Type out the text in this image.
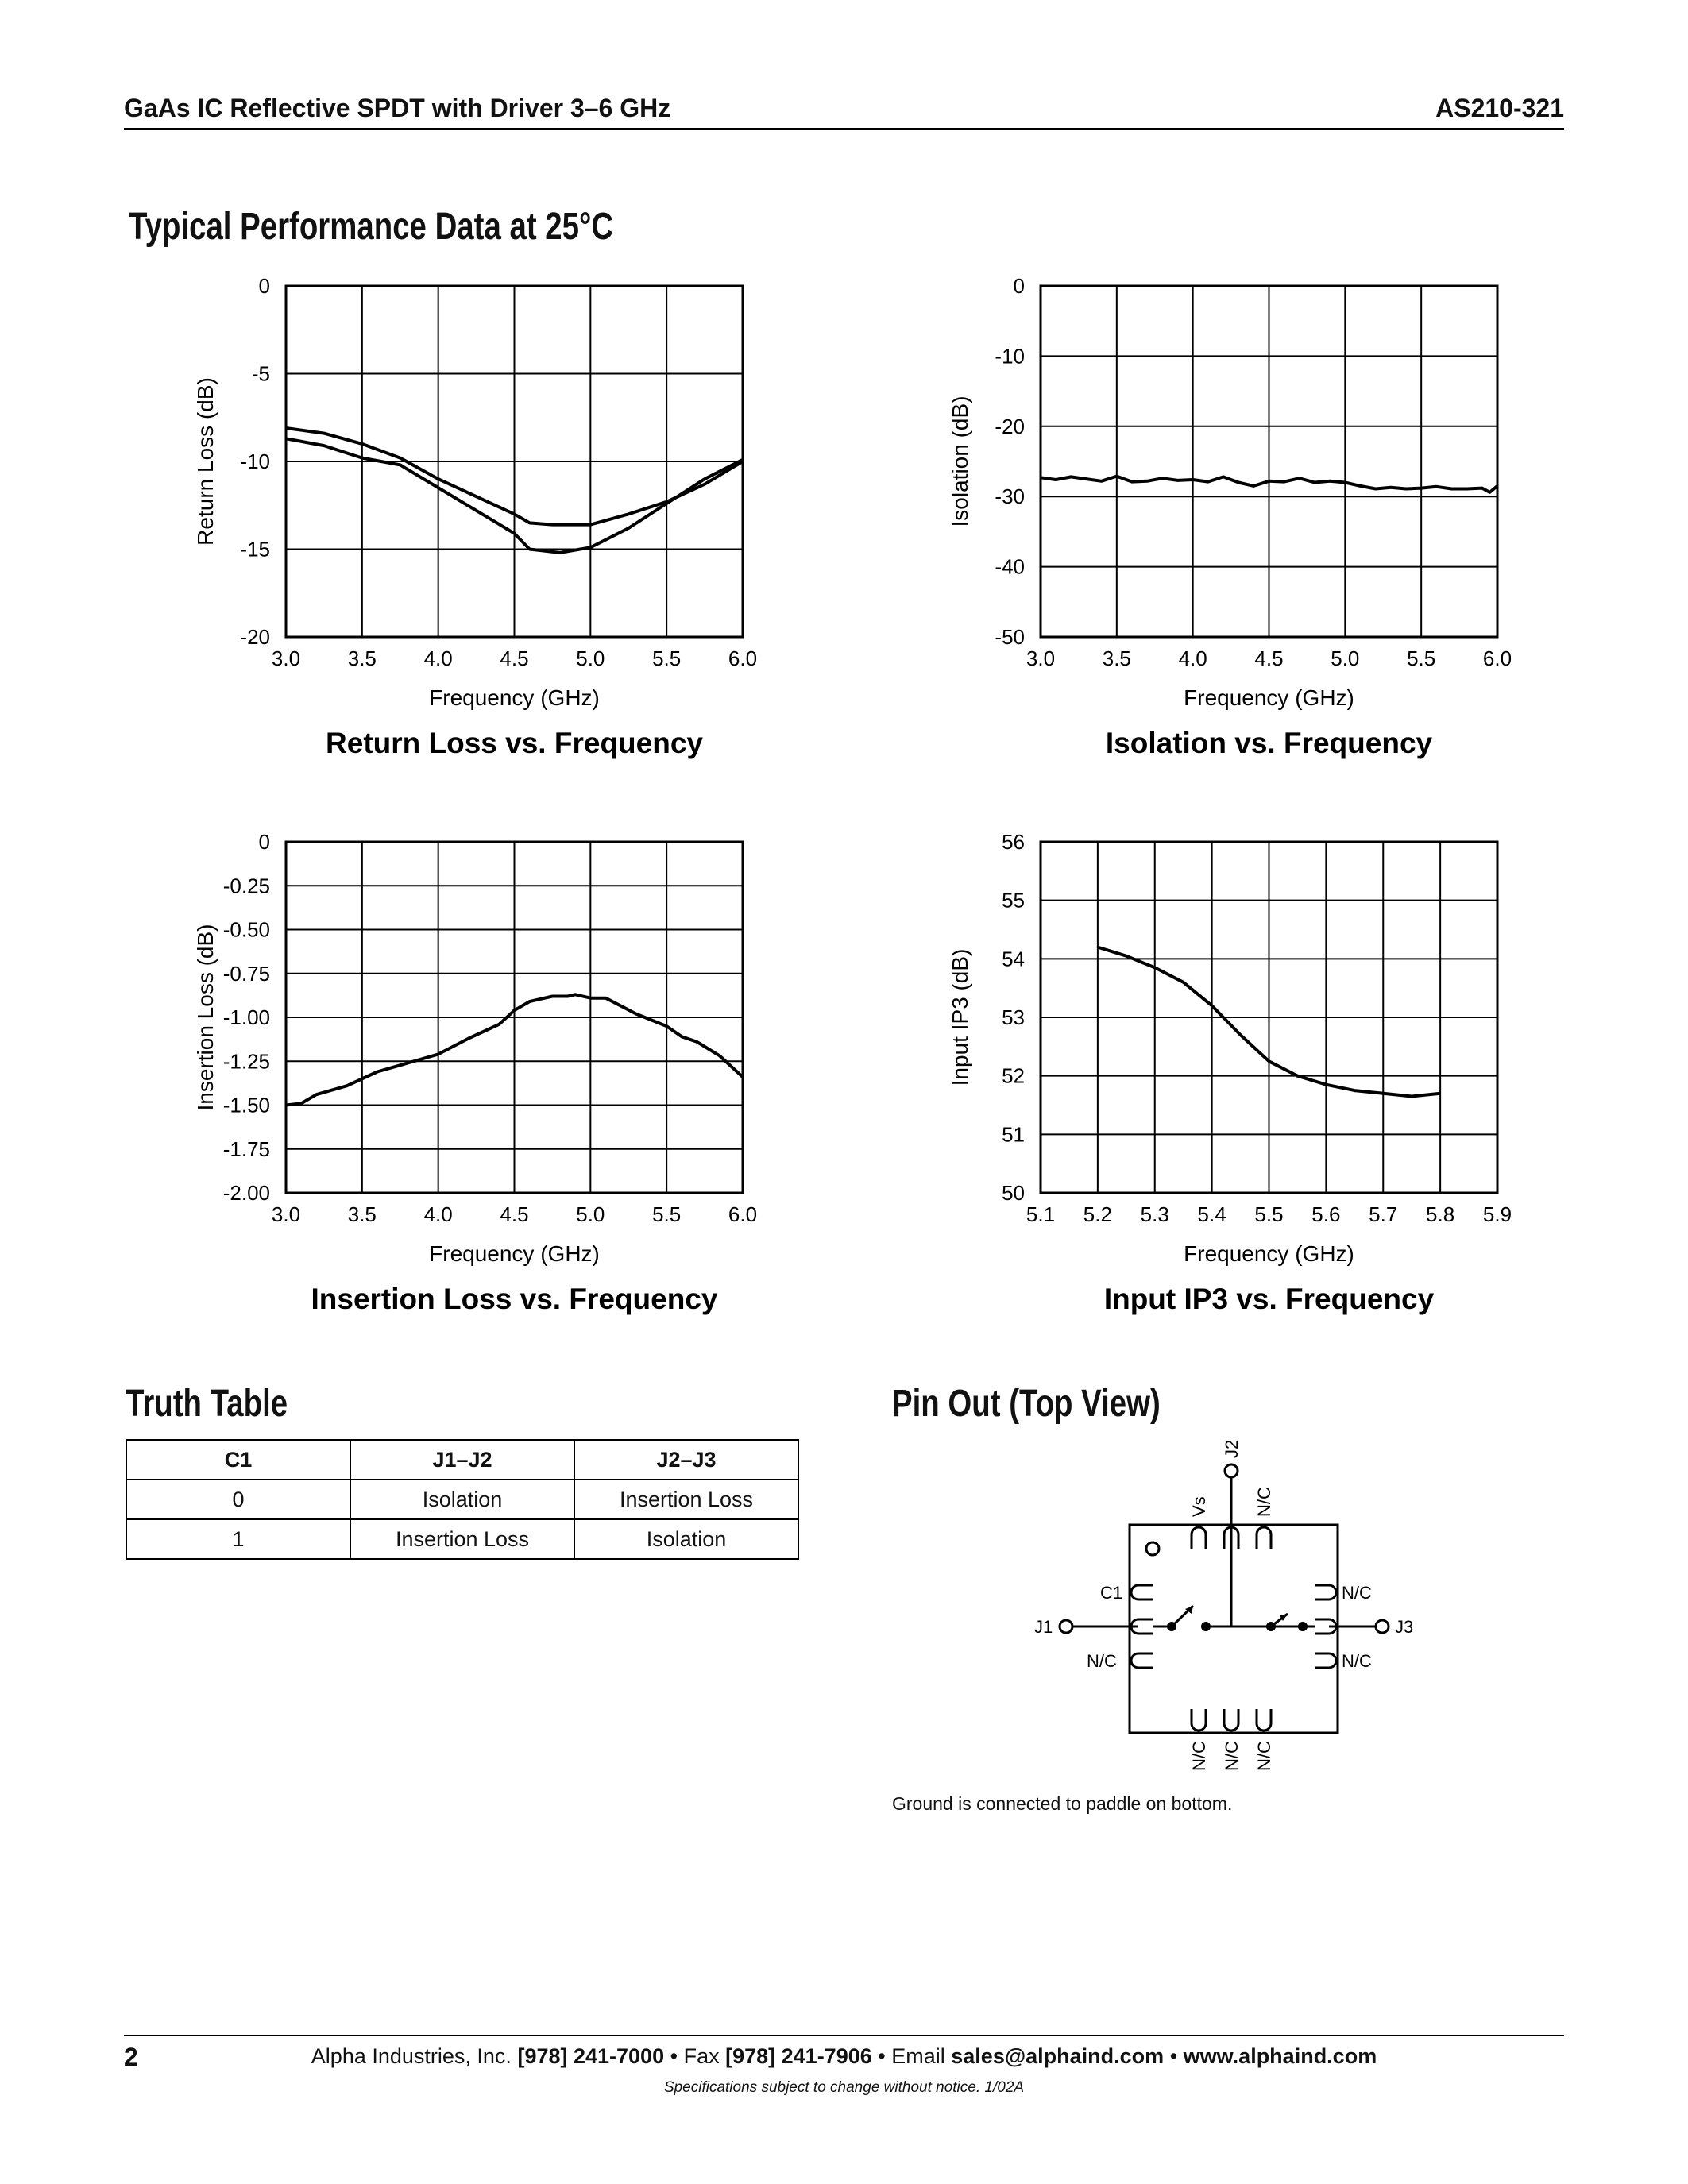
GaAs IC Reflective SPDT with Driver 3–6 GHz	AS210-321
Typical Performance Data at 25°C
3.0 3.5 4.0 4.5 5.0 5.5 6.0
0
-5
-10
-15
-20
Frequency (GHz)
Return Loss (dB)
Return Loss vs. Frequency
3.0 3.5 4.0 4.5 5.0 5.5 6.0
0
-10
-20
-30
-40
-50
Frequency (GHz)
Isolation (dB)
Isolation vs. Frequency
3.0 3.5 4.0 4.5 5.0 5.5 6.0
0
-0.25
-0.50
-0.75
-1.00
-1.25
-1.50
-1.75
-2.00
Frequency (GHz)
Insertion Loss (dB)
Insertion Loss vs. Frequency
5.1 5.2 5.3 5.4 5.5 5.6 5.7 5.8 5.9
56
55
54
53
52
51
50
Frequency (GHz)
Input IP3 (dB)
Input IP3 vs. Frequency
Truth Table
C1	J1–J2	J2–J3
0	Isolation	Insertion Loss
1	Insertion Loss	Isolation
Pin Out (Top View)
Vs
J2
N/C
N/C N/C N/C
C1
J1
N/C
N/C
J3
N/C
Ground is connected to paddle on bottom.
2	Alpha Industries, Inc. [978] 241-7000 • Fax [978] 241-7906 • Email sales@alphaind.com • www.alphaind.com
Specifications subject to change without notice. 1/02A
